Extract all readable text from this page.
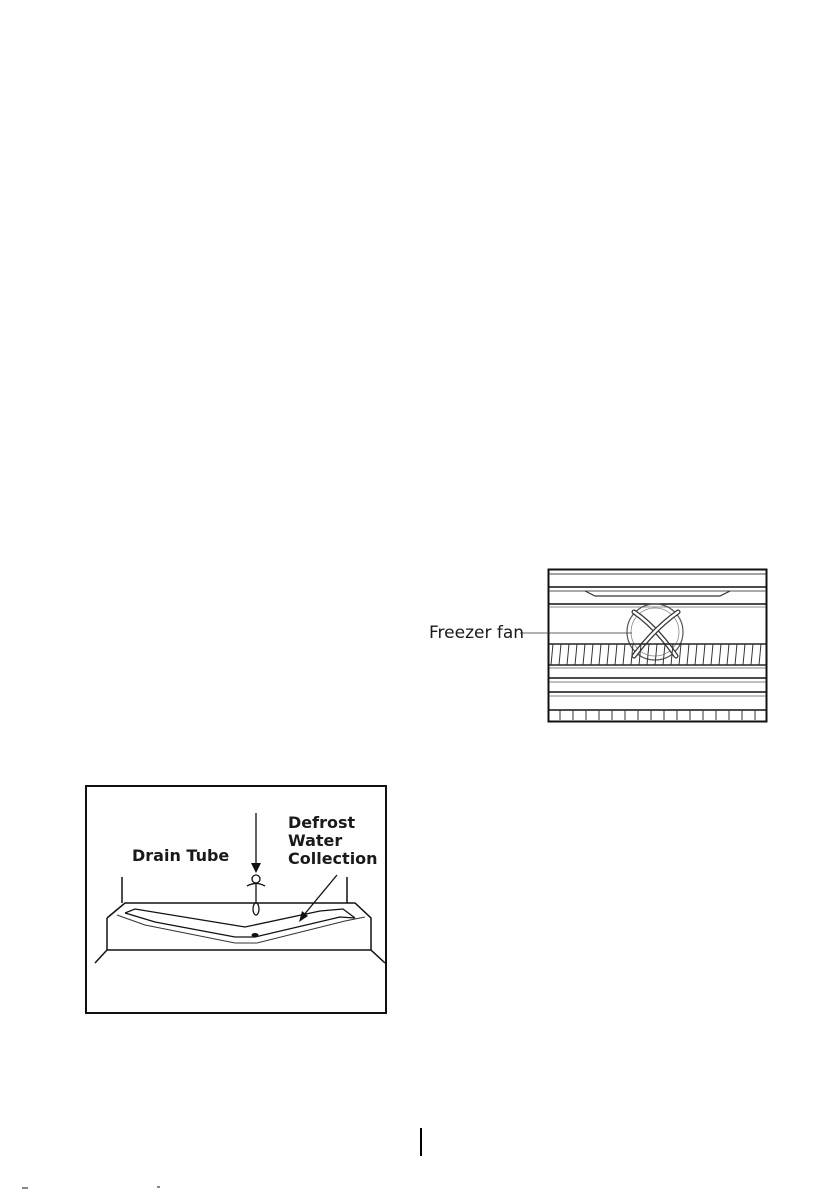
Freezer fan
Drain Tube
Defrost
Water
Collection
